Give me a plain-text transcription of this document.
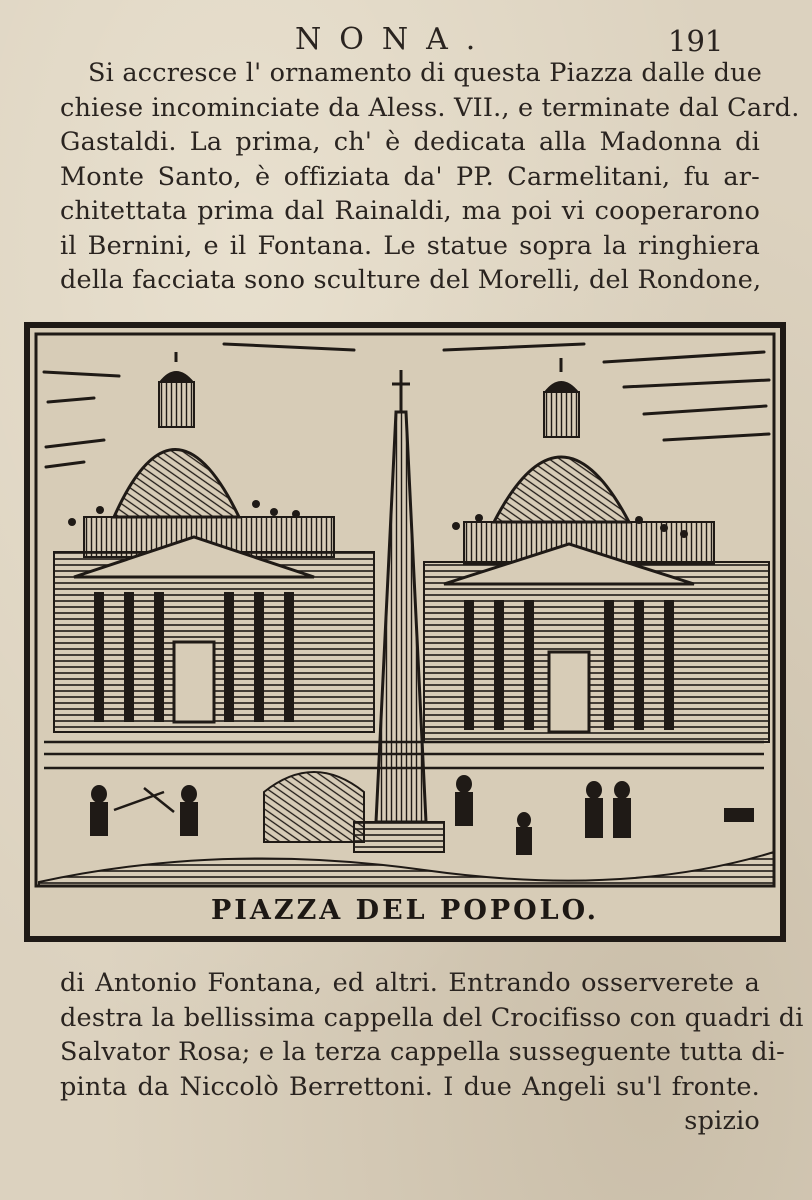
NONA.	191
Si accresce l' ornamento di questa Piazza dalle due
chiese incominciate da Aless. VII., e terminate dal Card.
Gastaldi. La prima, ch' è dedicata alla Madonna di
Monte Santo, è offiziata da' PP. Carmelitani, fu ar-
chitettata prima dal Rainaldi, ma poi vi cooperarono
il Bernini, e il Fontana. Le statue sopra la ringhiera
della facciata sono sculture del Morelli, del Rondone,
PIAZZA DEL POPOLO.
di Antonio Fontana, ed altri. Entrando osserverete a
destra la bellissima cappella del Crocifisso con quadri di
Salvator Rosa; e la terza cappella susseguente tutta di-
pinta da Niccolò Berrettoni. I due Angeli su'l fronte.
spizio
